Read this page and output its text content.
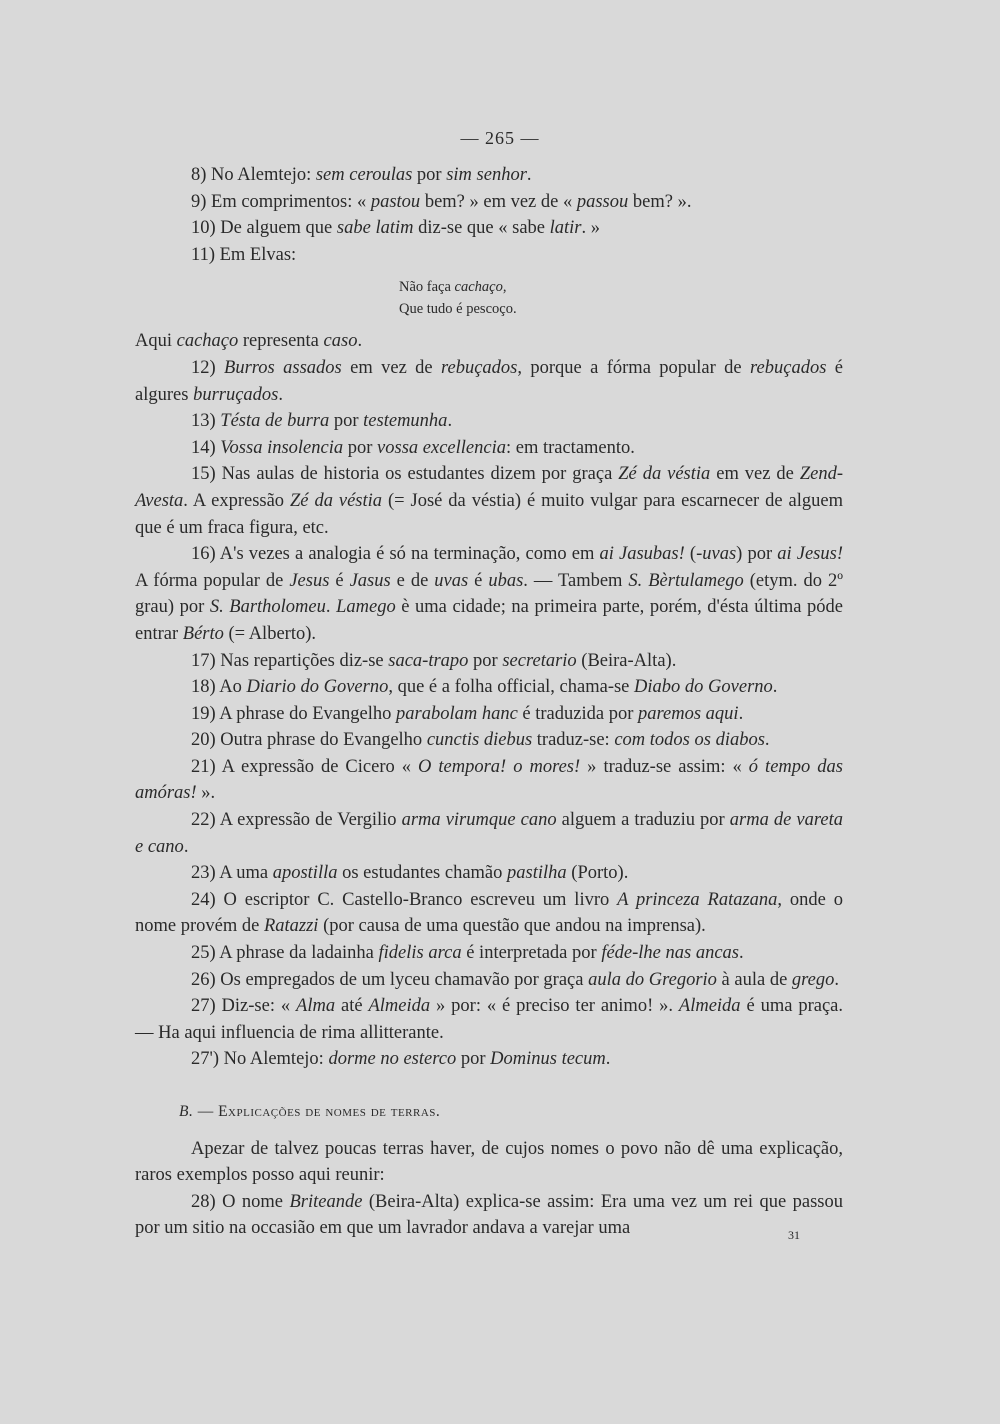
— 265 —

8) No Alemtejo: sem ceroulas por sim senhor.

9) Em comprimentos: « pastou bem? » em vez de « passou bem? ».

10) De alguem que sabe latim diz-se que « sabe latir. »

11) Em Elvas:

Não faça cachaço,
Que tudo é pescoço.

Aqui cachaço representa caso.

12) Burros assados em vez de rebuçados, porque a fórma popular de rebuçados é algures burruçados.

13) Tésta de burra por testemunha.

14) Vossa insolencia por vossa excellencia: em tractamento.

15) Nas aulas de historia os estudantes dizem por graça Zé da véstia em vez de Zend-Avesta. A expressão Zé da véstia (= José da véstia) é muito vulgar para escarnecer de alguem que é um fraca figura, etc.

16) A's vezes a analogia é só na terminação, como em ai Jasubas! (-uvas) por ai Jesus! A fórma popular de Jesus é Jasus e de uvas é ubas. — Tambem S. Bèrtulamego (etym. do 2º grau) por S. Bartholomeu. Lamego è uma cidade; na primeira parte, porém, d'ésta última póde entrar Bérto (= Alberto).

17) Nas repartições diz-se saca-trapo por secretario (Beira-Alta).

18) Ao Diario do Governo, que é a folha official, chama-se Diabo do Governo.

19) A phrase do Evangelho parabolam hanc é traduzida por paremos aqui.

20) Outra phrase do Evangelho cunctis diebus traduz-se: com todos os diabos.

21) A expressão de Cicero « O tempora! o mores! » traduz-se assim: « ó tempo das amóras! ».

22) A expressão de Vergilio arma virumque cano alguem a traduziu por arma de vareta e cano.

23) A uma apostilla os estudantes chamão pastilha (Porto).

24) O escriptor C. Castello-Branco escreveu um livro A princeza Ratazana, onde o nome provém de Ratazzi (por causa de uma questão que andou na imprensa).

25) A phrase da ladainha fidelis arca é interpretada por féde-lhe nas ancas.

26) Os empregados de um lyceu chamavão por graça aula do Gregorio à aula de grego.

27) Diz-se: « Alma até Almeida » por: « é preciso ter animo! ». Almeida é uma praça. — Ha aqui influencia de rima allitterante.

27') No Alemtejo: dorme no esterco por Dominus tecum.

B. — Explicações de nomes de terras.

Apezar de talvez poucas terras haver, de cujos nomes o povo não dê uma explicação, raros exemplos posso aqui reunir:

28) O nome Briteande (Beira-Alta) explica-se assim: Era uma vez um rei que passou por um sitio na occasião em que um lavrador andava a varejar uma	31
